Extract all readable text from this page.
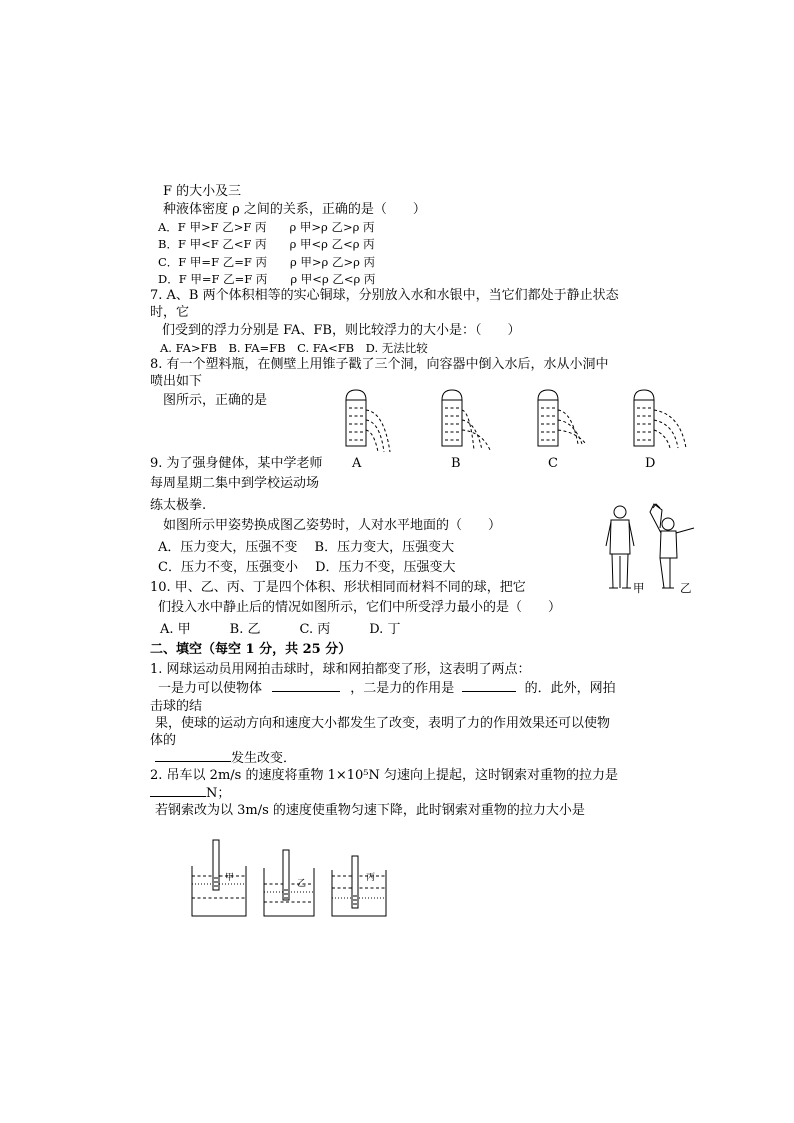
F 的大小及三
种液体密度 ρ 之间的关系，正确的是（　　）
A．F 甲>F 乙>F 丙　　ρ 甲>ρ 乙>ρ 丙
B．F 甲<F 乙<F 丙　　ρ 甲<ρ 乙<ρ 丙
C．F 甲=F 乙=F 丙　　ρ 甲>ρ 乙>ρ 丙
D．F 甲=F 乙=F 丙　　ρ 甲<ρ 乙<ρ 丙
7. A、B 两个体积相等的实心铜球，分别放入水和水银中，当它们都处于静止状态
时，它
们受到的浮力分别是 FA、FB，则比较浮力的大小是：（　　）
A. FA>FB　B. FA=FB　C. FA<FB　D. 无法比较
8. 有一个塑料瓶，在侧壁上用锥子戳了三个洞，向容器中倒入水后，水从小洞中
喷出如下
图所示，正确的是
9. 为了强身健体，某中学老师 A	B	C	D
每周星期二集中到学校运动场
练太极拳.
如图所示甲姿势换成图乙姿势时，人对水平地面的（　　）
A．压力变大，压强不变　 B．压力变大，压强变大
C．压力不变，压强变小　 D．压力不变，压强变大
甲	乙
10. 甲、乙、丙、丁是四个体积、形状相同而材料不同的球，把它
们投入水中静止后的情况如图所示，它们中所受浮力最小的是（　　）
A. 甲　　　B. 乙　　　C. 丙　　　D. 丁
二、填空（每空 1 分，共 25 分）
1. 网球运动员用网拍击球时，球和网拍都变了形，这表明了两点：
一是力可以使物体	，二是力的作用是	的．此外，网拍
击球的结
果，使球的运动方向和速度大小都发生了改变，表明了力的作用效果还可以使物
体的
发生改变．
2. 吊车以 2m/s 的速度将重物 1×10⁵N 匀速向上提起，这时钢索对重物的拉力是
N；
若钢索改为以 3m/s 的速度使重物匀速下降，此时钢索对重物的拉力大小是
甲
乙
丙
